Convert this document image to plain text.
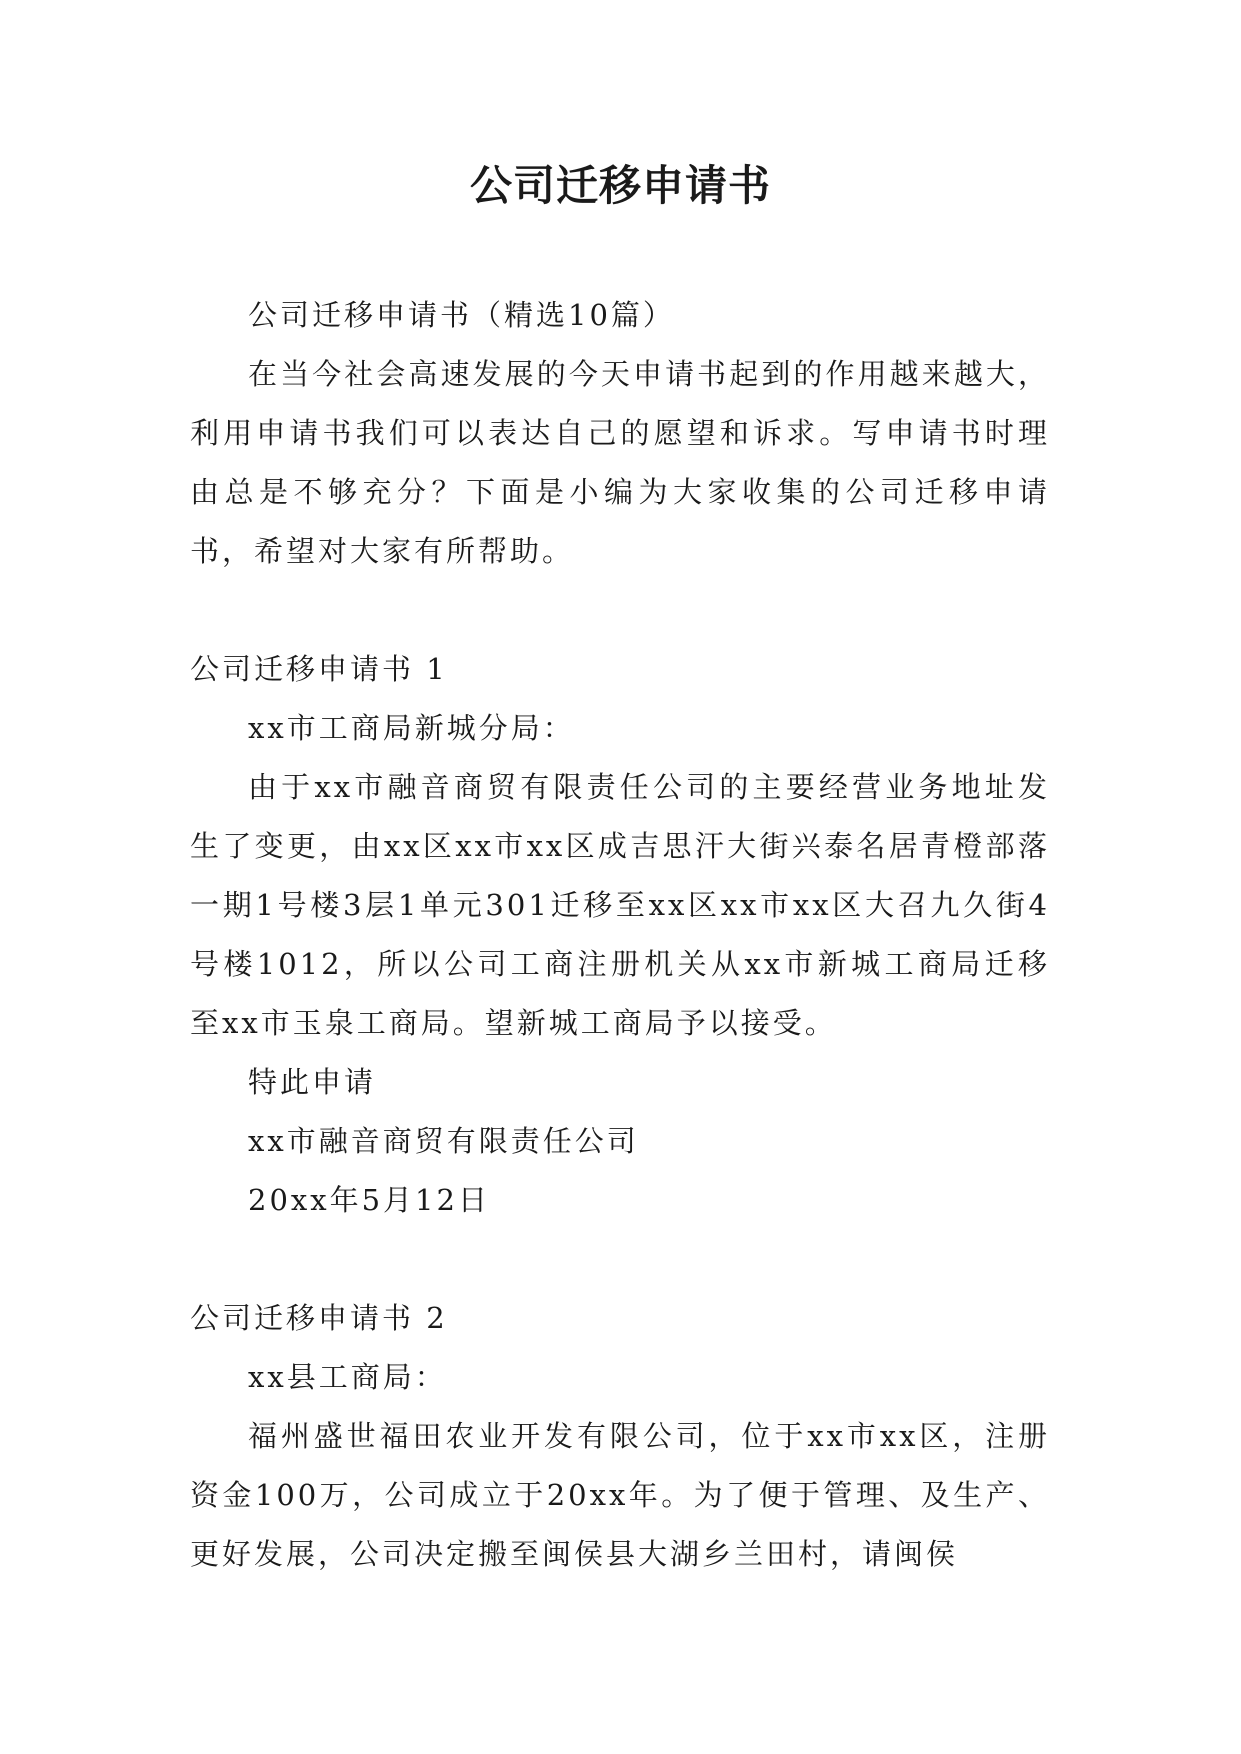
公司迁移申请书

公司迁移申请书（精选10篇）

在当今社会高速发展的今天申请书起到的作用越来越大，利用申请书我们可以表达自己的愿望和诉求。写申请书时理由总是不够充分？下面是小编为大家收集的公司迁移申请书，希望对大家有所帮助。

公司迁移申请书 1

xx市工商局新城分局：

由于xx市融音商贸有限责任公司的主要经营业务地址发生了变更，由xx区xx市xx区成吉思汗大街兴泰名居青橙部落一期1号楼3层1单元301迁移至xx区xx市xx区大召九久街4号楼1012，所以公司工商注册机关从xx市新城工商局迁移至xx市玉泉工商局。望新城工商局予以接受。

特此申请

xx市融音商贸有限责任公司

20xx年5月12日

公司迁移申请书 2

xx县工商局：

福州盛世福田农业开发有限公司，位于xx市xx区，注册资金100万，公司成立于20xx年。为了便于管理、及生产、更好发展，公司决定搬至闽侯县大湖乡兰田村，请闽侯
